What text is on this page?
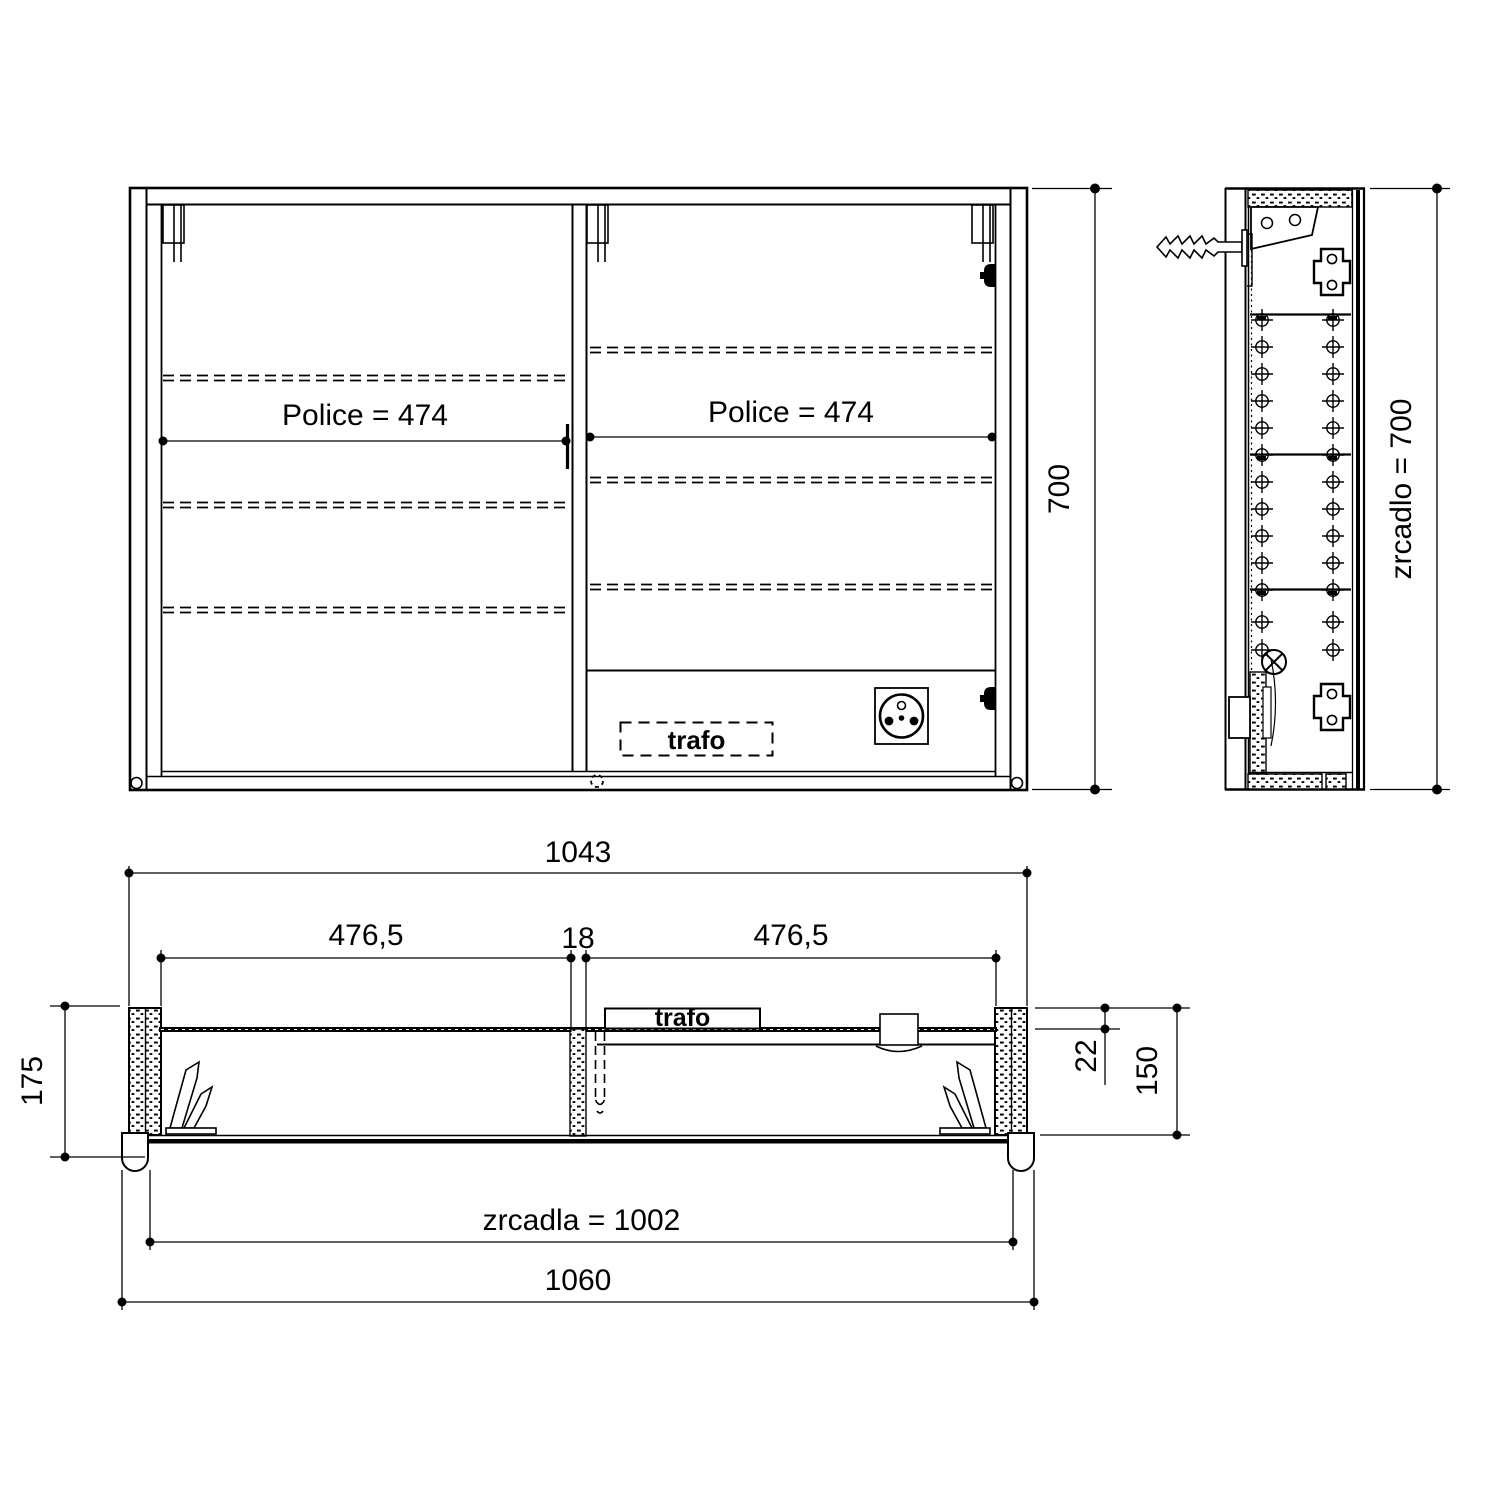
Police = 474	Police = 474
trafo
700	zrcadlo = 700
1043
476,5	18	476,5
175	22 150
trafo
zrcadla = 1002
1060
